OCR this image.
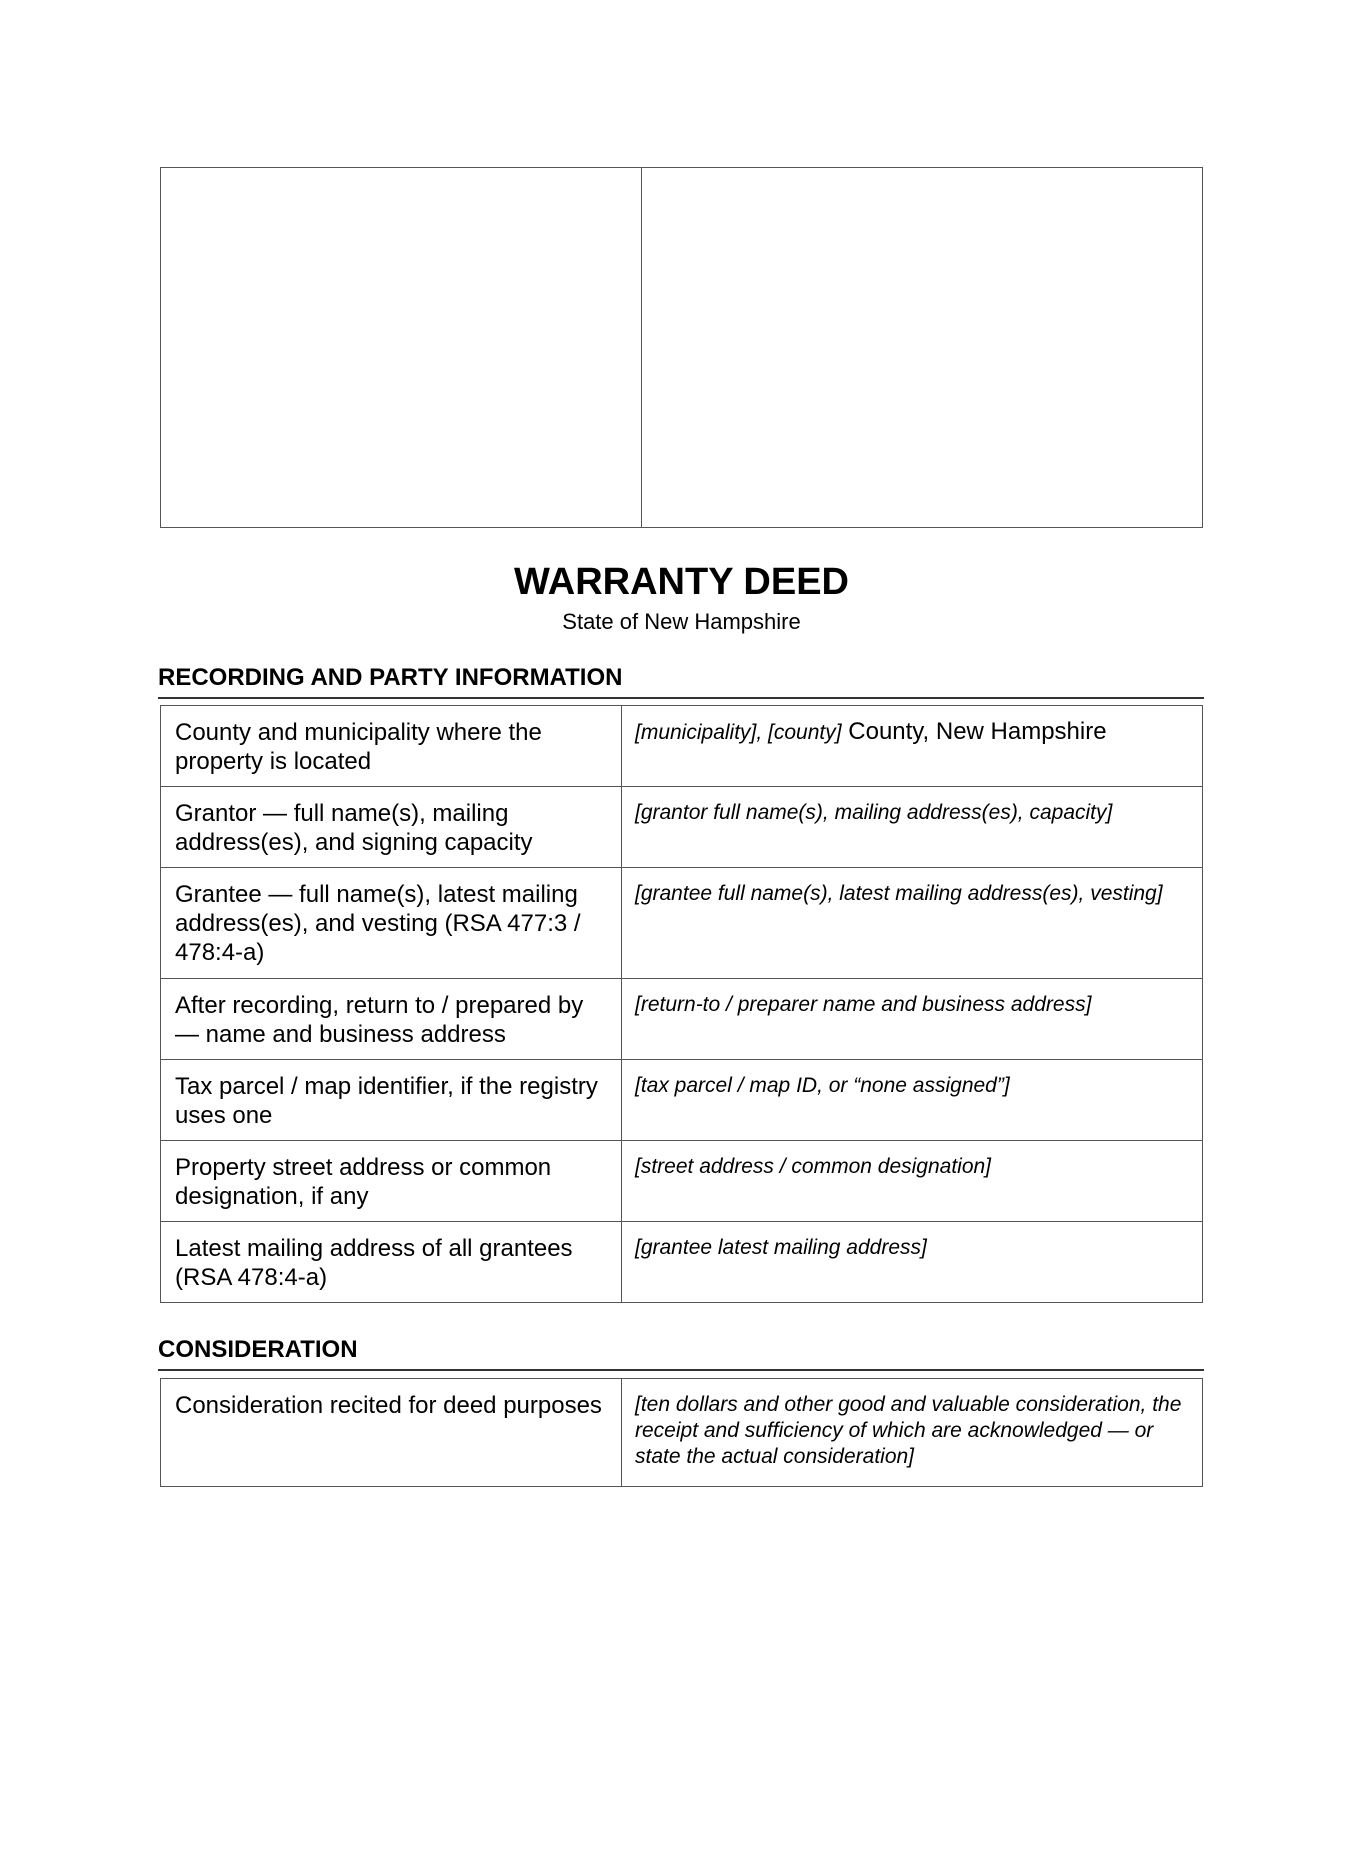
WARRANTY DEED
State of New Hampshire
RECORDING AND PARTY INFORMATION
County and municipality where the property is located	[municipality], [county] County, New Hampshire
Grantor — full name(s), mailing address(es), and signing capacity	[grantor full name(s), mailing address(es), capacity]
Grantee — full name(s), latest mailing address(es), and vesting (RSA 477:3 / 478:4-a)	[grantee full name(s), latest mailing address(es), vesting]
After recording, return to / prepared by — name and business address	[return-to / preparer name and business address]
Tax parcel / map identifier, if the registry uses one	[tax parcel / map ID, or “none assigned”]
Property street address or common designation, if any	[street address / common designation]
Latest mailing address of all grantees (RSA 478:4-a)	[grantee latest mailing address]
CONSIDERATION
Consideration recited for deed purposes	[ten dollars and other good and valuable consideration, the receipt and sufficiency of which are acknowledged — or state the actual consideration]
